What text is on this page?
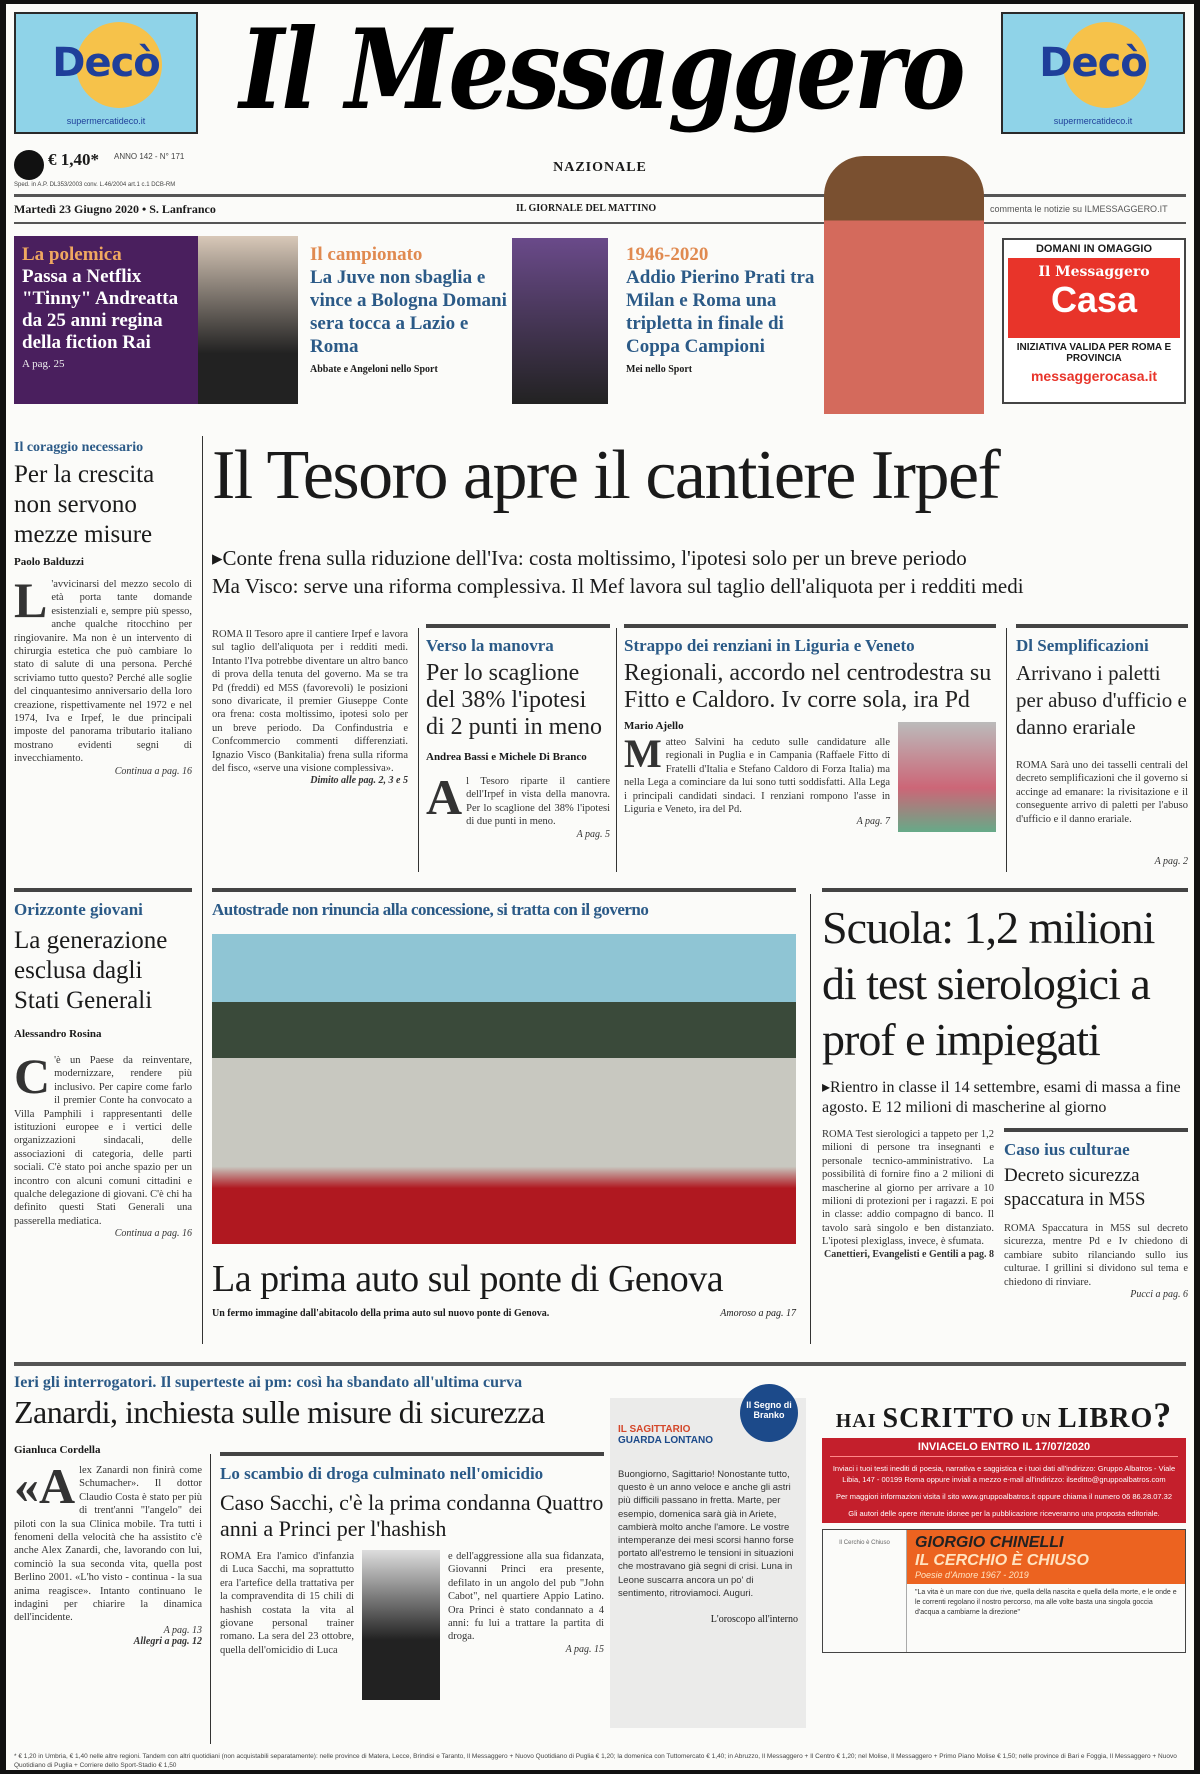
Decò
supermercatideco.it
Decò
supermercatideco.it
Il Messaggero
€ 1,40* ANNO 142 - N° 171
Sped. in A.P. DL353/2003 conv. L.46/2004 art.1 c.1 DCB-RM
NAZIONALE
Martedì 23 Giugno 2020 • S. Lanfranco	IL GIORNALE DEL MATTINO	commenta le notizie su ILMESSAGGERO.IT
La polemica
Passa a Netflix "Tinny" Andreatta da 25 anni regina della fiction Rai
A pag. 25
Il campionato
La Juve non sbaglia e vince a Bologna Domani sera tocca a Lazio e Roma
Abbate e Angeloni nello Sport
1946-2020
Addio Pierino Prati tra Milan e Roma una tripletta in finale di Coppa Campioni
Mei nello Sport
DOMANI IN OMAGGIO
Il Messaggero
Casa
INIZIATIVA VALIDA PER ROMA E PROVINCIA
messaggerocasa.it
Il coraggio necessario
Per la crescita non servono mezze misure
Paolo Balduzzi
L 'avvicinarsi del mezzo secolo di età porta tante domande esistenziali e, sempre più spesso, anche qualche ritocchino per ringiovanire. Ma non è un intervento di chirurgia estetica che può cambiare lo stato di salute di una persona. Perché scriviamo tutto questo? Perché alle soglie del cinquantesimo anniversario della loro creazione, rispettivamente nel 1972 e nel 1974, Iva e Irpef, le due principali imposte del panorama tributario italiano mostrano evidenti segni di invecchiamento.
Continua a pag. 16
Il Tesoro apre il cantiere Irpef
▸Conte frena sulla riduzione dell'Iva: costa moltissimo, l'ipotesi solo per un breve periodo
Ma Visco: serve una riforma complessiva. Il Mef lavora sul taglio dell'aliquota per i redditi medi
ROMA Il Tesoro apre il cantiere Irpef e lavora sul taglio dell'aliquota per i redditi medi. Intanto l'Iva potrebbe diventare un altro banco di prova della tenuta del governo. Ma se tra Pd (freddi) ed M5S (favorevoli) le posizioni sono divaricate, il premier Giuseppe Conte ora frena: costa moltissimo, ipotesi solo per un breve periodo. Da Confindustria e Confcommercio commenti differenziati. Ignazio Visco (Bankitalia) frena sulla riforma del fisco, «serve una visione complessiva».
Dimito alle pag. 2, 3 e 5
Verso la manovra
Per lo scaglione del 38% l'ipotesi di 2 punti in meno
Andrea Bassi e Michele Di Branco
Al Tesoro riparte il cantiere dell'Irpef in vista della manovra. Per lo scaglione del 38% l'ipotesi di due punti in meno.
A pag. 5
Strappo dei renziani in Liguria e Veneto
Regionali, accordo nel centrodestra su Fitto e Caldoro. Iv corre sola, ira Pd
Mario Ajello
Matteo Salvini ha ceduto sulle candidature alle regionali in Puglia e in Campania (Raffaele Fitto di Fratelli d'Italia e Stefano Caldoro di Forza Italia) ma nella Lega a cominciare da lui sono tutti soddisfatti. Alla Lega i principali candidati sindaci. I renziani rompono l'asse in Liguria e Veneto, ira del Pd.
A pag. 7
Dl Semplificazioni
Arrivano i paletti per abuso d'ufficio e danno erariale
ROMA Sarà uno dei tasselli centrali del decreto semplificazioni che il governo si accinge ad emanare: la rivisitazione e il conseguente arrivo di paletti per l'abuso d'ufficio e il danno erariale.
A pag. 2
Orizzonte giovani
La generazione esclusa dagli Stati Generali
Alessandro Rosina
C 'è un Paese da reinventare, modernizzare, rendere più inclusivo. Per capire come farlo il premier Conte ha convocato a Villa Pamphili i rappresentanti delle istituzioni europee e i vertici delle organizzazioni sindacali, delle associazioni di categoria, delle parti sociali. C'è stato poi anche spazio per un incontro con alcuni comuni cittadini e qualche delegazione di giovani. C'è chi ha definito questi Stati Generali una passerella mediatica.
Continua a pag. 16
Autostrade non rinuncia alla concessione, si tratta con il governo
La prima auto sul ponte di Genova
Un fermo immagine dall'abitacolo della prima auto sul nuovo ponte di Genova.	Amoroso a pag. 17
Scuola: 1,2 milioni di test sierologici a prof e impiegati
▸Rientro in classe il 14 settembre, esami di massa a fine agosto. E 12 milioni di mascherine al giorno
ROMA Test sierologici a tappeto per 1,2 milioni di persone tra insegnanti e personale tecnico-amministrativo. La possibilità di fornire fino a 2 milioni di mascherine al giorno per arrivare a 10 milioni di protezioni per i ragazzi. E poi in classe: addio compagno di banco. Il tavolo sarà singolo e ben distanziato. L'ipotesi plexiglass, invece, è sfumata.
Canettieri, Evangelisti e Gentili a pag. 8
Caso ius culturae
Decreto sicurezza spaccatura in M5S
ROMA Spaccatura in M5S sul decreto sicurezza, mentre Pd e Iv chiedono di cambiare subito rilanciando sullo ius culturae. I grillini si dividono sul tema e chiedono di rinviare.
Pucci a pag. 6
Ieri gli interrogatori. Il superteste ai pm: così ha sbandato all'ultima curva
Zanardi, inchiesta sulle misure di sicurezza
Gianluca Cordella
«Alex Zanardi non finirà come Schumacher». Il dottor Claudio Costa è stato per più di trent'anni "l'angelo" dei piloti con la sua Clinica mobile. Tra tutti i fenomeni della velocità che ha assistito c'è anche Alex Zanardi, che, lavorando con lui, cominciò la sua seconda vita, quella post Berlino 2001. «L'ho visto - continua - la sua anima reagisce». Intanto continuano le indagini per chiarire la dinamica dell'incidente.
A pag. 13
Allegri a pag. 12
Lo scambio di droga culminato nell'omicidio
Caso Sacchi, c'è la prima condanna Quattro anni a Princi per l'hashish
ROMA Era l'amico d'infanzia di Luca Sacchi, ma soprattutto era l'artefice della trattativa per la compravendita di 15 chili di hashish costata la vita al giovane personal trainer romano. La sera del 23 ottobre, quella dell'omicidio di Luca
e dell'aggressione alla sua fidanzata, Giovanni Princi era presente, defilato in un angolo del pub "John Cabot", nel quartiere Appio Latino. Ora Princi è stato condannato a 4 anni: fu lui a trattare la partita di droga.
A pag. 15
Il Segno di Branko
IL SAGITTARIO
GUARDA LONTANO
Buongiorno, Sagittario! Nonostante tutto, questo è un anno veloce e anche gli astri più difficili passano in fretta. Marte, per esempio, domenica sarà già in Ariete, cambierà molto anche l'amore. Le vostre intemperanze dei mesi scorsi hanno forse portato all'estremo le tensioni in situazioni che mostravano già segni di crisi. Luna in Leone suscarra ancora un po' di sentimento, ritroviamoci. Auguri.
L'oroscopo all'interno
HAI SCRITTO UN LIBRO?
INVIACELO ENTRO IL 17/07/2020
Inviaci i tuoi testi inediti di poesia, narrativa e saggistica e i tuoi dati all'indirizzo: Gruppo Albatros - Viale Libia, 147 - 00199 Roma oppure inviali a mezzo e-mail all'indirizzo: ilseditto@gruppoalbatros.com
Per maggiori informazioni visita il sito www.gruppoalbatros.it oppure chiama il numero 06 86.28.07.32
Gli autori delle opere ritenute idonee per la pubblicazione riceveranno una proposta editoriale.
Il Cerchio è Chiuso	GIORGIO CHINELLI
IL CERCHIO È CHIUSO
Poesie d'Amore 1967 - 2019
"La vita è un mare con due rive, quella della nascita e quella della morte, e le onde e le correnti regolano il nostro percorso, ma alle volte basta una singola goccia d'acqua a cambiarne la direzione"
* € 1,20 in Umbria, € 1,40 nelle altre regioni. Tandem con altri quotidiani (non acquistabili separatamente): nelle province di Matera, Lecce, Brindisi e Taranto, Il Messaggero + Nuovo Quotidiano di Puglia € 1,20; la domenica con Tuttomercato € 1,40; in Abruzzo, Il Messaggero + Il Centro € 1,20; nel Molise, Il Messaggero + Primo Piano Molise € 1,50; nelle province di Bari e Foggia, Il Messaggero + Nuovo Quotidiano di Puglia + Corriere dello Sport-Stadio € 1,50
